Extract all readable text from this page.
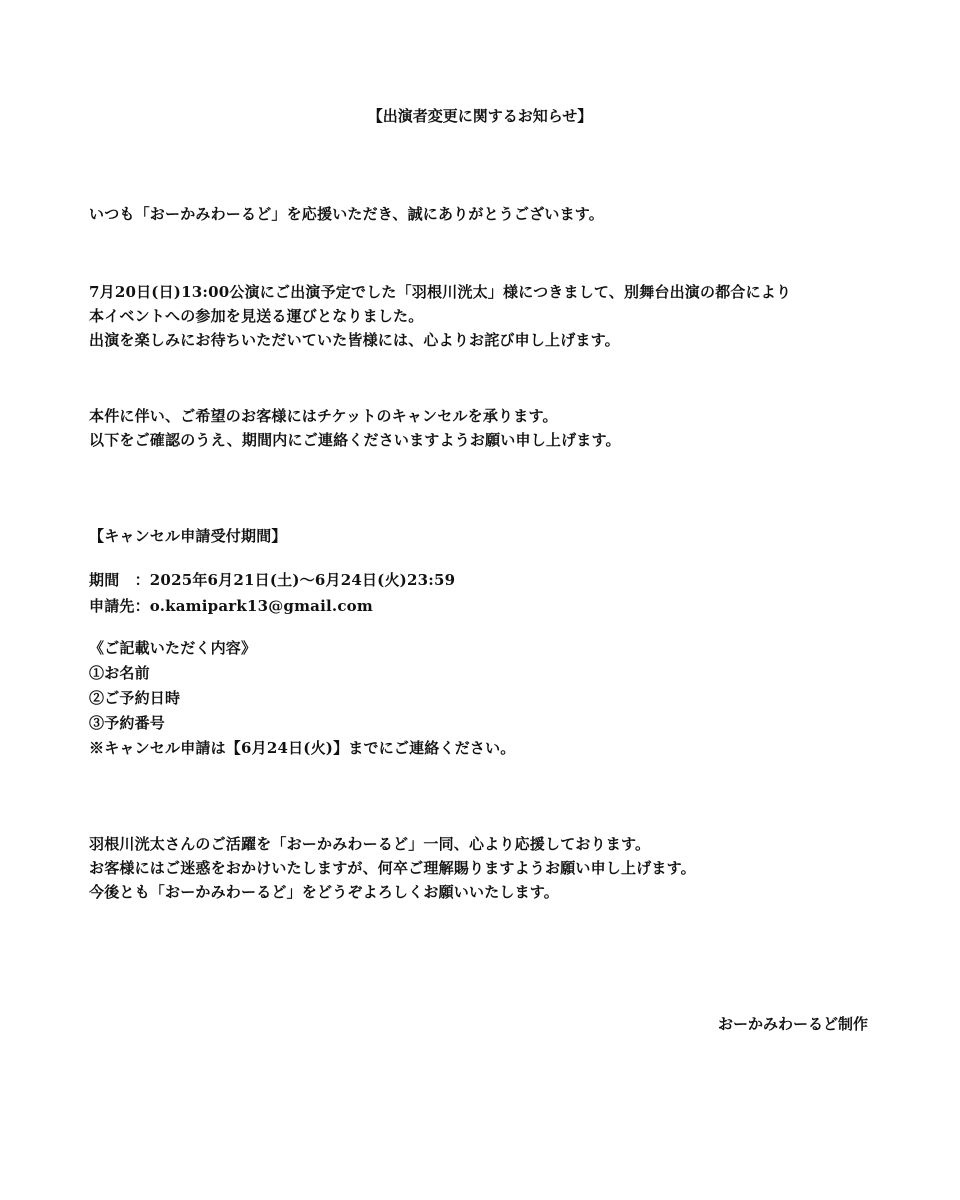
【出演者変更に関するお知らせ】
いつも「おーかみわーるど」を応援いただき、誠にありがとうございます。
7月20日(日)13:00公演にご出演予定でした「羽根川洸太」様につきまして、別舞台出演の都合により
本イベントへの参加を見送る運びとなりました。
出演を楽しみにお待ちいただいていた皆様には、心よりお詫び申し上げます。
本件に伴い、ご希望のお客様にはチケットのキャンセルを承ります。
以下をご確認のうえ、期間内にご連絡くださいますようお願い申し上げます。
【キャンセル申請受付期間】
期間　：2025年6月21日(土)〜6月24日(火)23:59
申請先：o.kamipark13@gmail.com
《ご記載いただく内容》
①お名前
②ご予約日時
③予約番号
※キャンセル申請は【6月24日(火)】までにご連絡ください。
羽根川洸太さんのご活躍を「おーかみわーるど」一同、心より応援しております。
お客様にはご迷惑をおかけいたしますが、何卒ご理解賜りますようお願い申し上げます。
今後とも「おーかみわーるど」をどうぞよろしくお願いいたします。
おーかみわーるど制作
